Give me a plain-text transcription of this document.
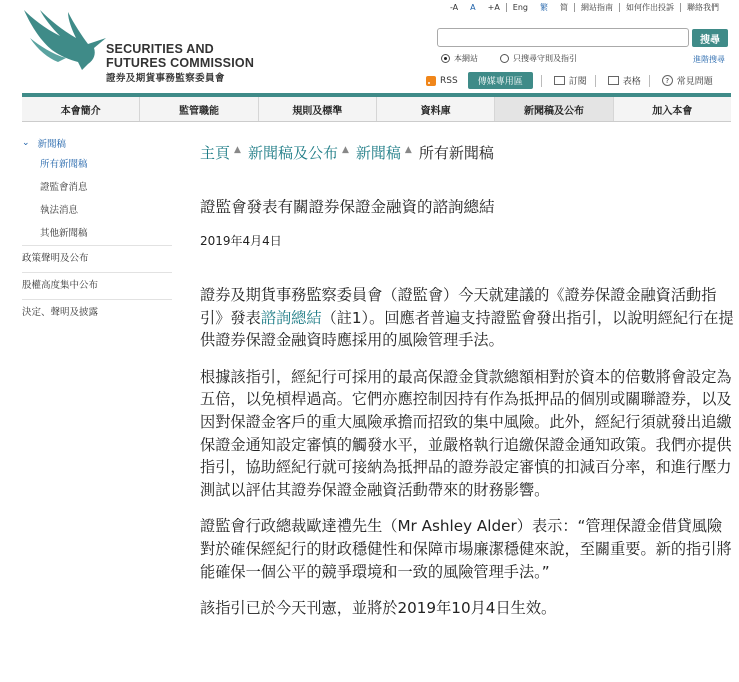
SECURITIES AND
FUTURES COMMISSION
證券及期貨事務監察委員會
-A	A	+A	Eng	繁	简	網站指南	如何作出投訴	聯絡我們
搜尋
本網站	只搜尋守則及指引	進階搜尋
RSS	傳媒專用區	訂閱	表格	? 常見問題
本會簡介	監管職能	規則及標準	資料庫	新聞稿及公布	加入本會
⌄ 新聞稿
所有新聞稿
證監會消息
執法消息
其他新聞稿
政策聲明及公布
股權高度集中公布
決定、聲明及披露
主頁 ▲ 新聞稿及公布 ▲ 新聞稿 ▲ 所有新聞稿
證監會發表有關證券保證金融資的諮詢總結
2019年4月4日

證券及期貨事務監察委員會（證監會）今天就建議的《證券保證金融資活動指引》發表諮詢總結（註1）。回應者普遍支持證監會發出指引，以說明經紀行在提供證券保證金融資時應採用的風險管理手法。

根據該指引，經紀行可採用的最高保證金貸款總額相對於資本的倍數將會設定為五倍，以免槓桿過高。它們亦應控制因持有作為抵押品的個別或關聯證券，以及因對保證金客戶的重大風險承擔而招致的集中風險。此外，經紀行須就發出追繳保證金通知設定審慎的觸發水平，並嚴格執行追繳保證金通知政策。我們亦提供指引，協助經紀行就可接納為抵押品的證券設定審慎的扣減百分率，和進行壓力測試以評估其證券保證金融資活動帶來的財務影響。

證監會行政總裁歐達禮先生（Mr Ashley Alder）表示：“管理保證金借貸風險對於確保經紀行的財政穩健性和保障市場廉潔穩健來說，至關重要。新的指引將能確保一個公平的競爭環境和一致的風險管理手法。”

該指引已於今天刊憲，並將於2019年10月4日生效。
